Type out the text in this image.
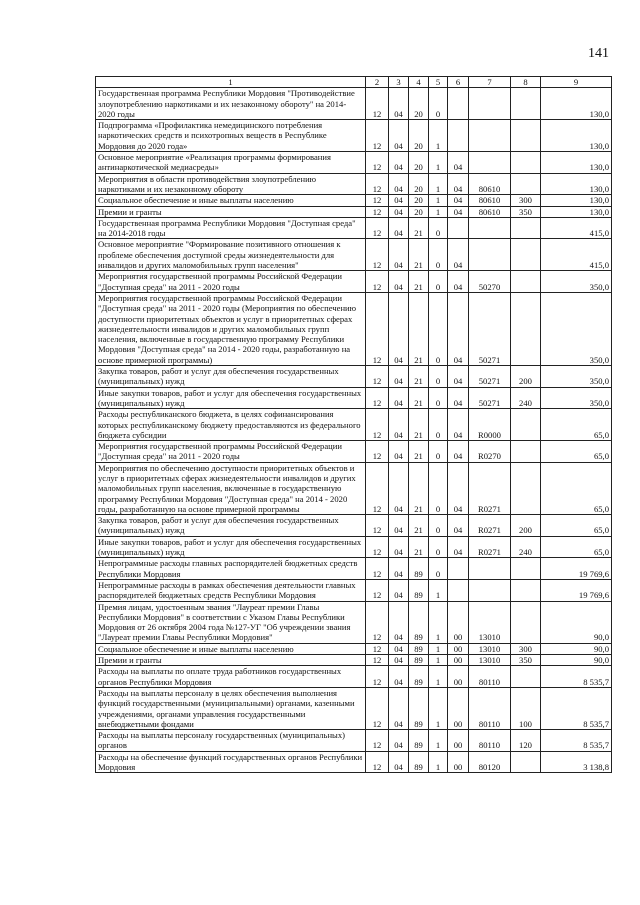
141
1	2	3	4	5	6	7	8	9
Государственная программа Республики Мордовия "Противодействие злоупотреблению наркотиками и их незаконному обороту" на 2014-2020 годы	12	04	20	0				130,0
Подпрограмма «Профилактика немедицинского потребления наркотических средств и психотропных веществ в Республике Мордовия до 2020 года»	12	04	20	1				130,0
Основное мероприятие «Реализация программы формирования антинаркотической медиасреды»	12	04	20	1	04			130,0
Мероприятия в области противодействия злоупотреблению наркотиками и их незаконному обороту	12	04	20	1	04	80610		130,0
Социальное обеспечение и иные выплаты населению	12	04	20	1	04	80610	300	130,0
Премии и гранты	12	04	20	1	04	80610	350	130,0
Государственная программа Республики Мордовия "Доступная среда" на 2014-2018 годы	12	04	21	0				415,0
Основное мероприятие "Формирование позитивного отношения к проблеме обеспечения доступной среды жизнедеятельности для инвалидов и других маломобильных групп населения"	12	04	21	0	04			415,0
Мероприятия государственной программы Российской Федерации "Доступная среда" на 2011 - 2020 годы	12	04	21	0	04	50270		350,0
Мероприятия государственной программы Российской Федерации "Доступная среда" на 2011 - 2020 годы (Мероприятия по обеспечению доступности приоритетных объектов и услуг в приоритетных сферах жизнедеятельности инвалидов и других маломобильных групп населения, включенные в государственную программу Республики Мордовия "Доступная среда" на 2014 - 2020 годы, разработанную на основе примерной программы)	12	04	21	0	04	50271		350,0
Закупка товаров, работ и услуг для обеспечения государственных (муниципальных) нужд	12	04	21	0	04	50271	200	350,0
Иные закупки товаров, работ и услуг для обеспечения государственных (муниципальных) нужд	12	04	21	0	04	50271	240	350,0
Расходы республиканского бюджета, в целях софинансирования которых республиканскому бюджету предоставляются из федерального бюджета субсидии	12	04	21	0	04	R0000		65,0
Мероприятия государственной программы Российской Федерации "Доступная среда" на 2011 - 2020 годы	12	04	21	0	04	R0270		65,0
Мероприятия по обеспечению доступности приоритетных объектов и услуг в приоритетных сферах жизнедеятельности инвалидов и других маломобильных групп населения, включенные в государственную программу Республики Мордовия "Доступная среда" на 2014 - 2020 годы, разработанную на основе примерной программы	12	04	21	0	04	R0271		65,0
Закупка товаров, работ и услуг для обеспечения государственных (муниципальных) нужд	12	04	21	0	04	R0271	200	65,0
Иные закупки товаров, работ и услуг для обеспечения государственных (муниципальных) нужд	12	04	21	0	04	R0271	240	65,0
Непрограммные расходы главных распорядителей бюджетных средств Республики Мордовия	12	04	89	0				19 769,6
Непрограммные расходы в рамках обеспечения деятельности главных распорядителей бюджетных средств Республики Мордовия	12	04	89	1				19 769,6
Премия лицам, удостоенным звания "Лауреат премии Главы Республики Мордовия" в соответствии с Указом Главы Республики Мордовия от 26 октября 2004 года №127-УГ "Об учреждении звания "Лауреат премии Главы Республики Мордовия"	12	04	89	1	00	13010		90,0
Социальное обеспечение и иные выплаты населению	12	04	89	1	00	13010	300	90,0
Премии и гранты	12	04	89	1	00	13010	350	90,0
Расходы на выплаты по оплате труда работников государственных органов Республики Мордовия	12	04	89	1	00	80110		8 535,7
Расходы на выплаты персоналу в целях обеспечения выполнения функций государственными (муниципальными) органами, казенными учреждениями, органами управления государственными внебюджетными фондами	12	04	89	1	00	80110	100	8 535,7
Расходы на выплаты персоналу государственных (муниципальных) органов	12	04	89	1	00	80110	120	8 535,7
Расходы на обеспечение функций государственных органов Республики Мордовия	12	04	89	1	00	80120		3 138,8
